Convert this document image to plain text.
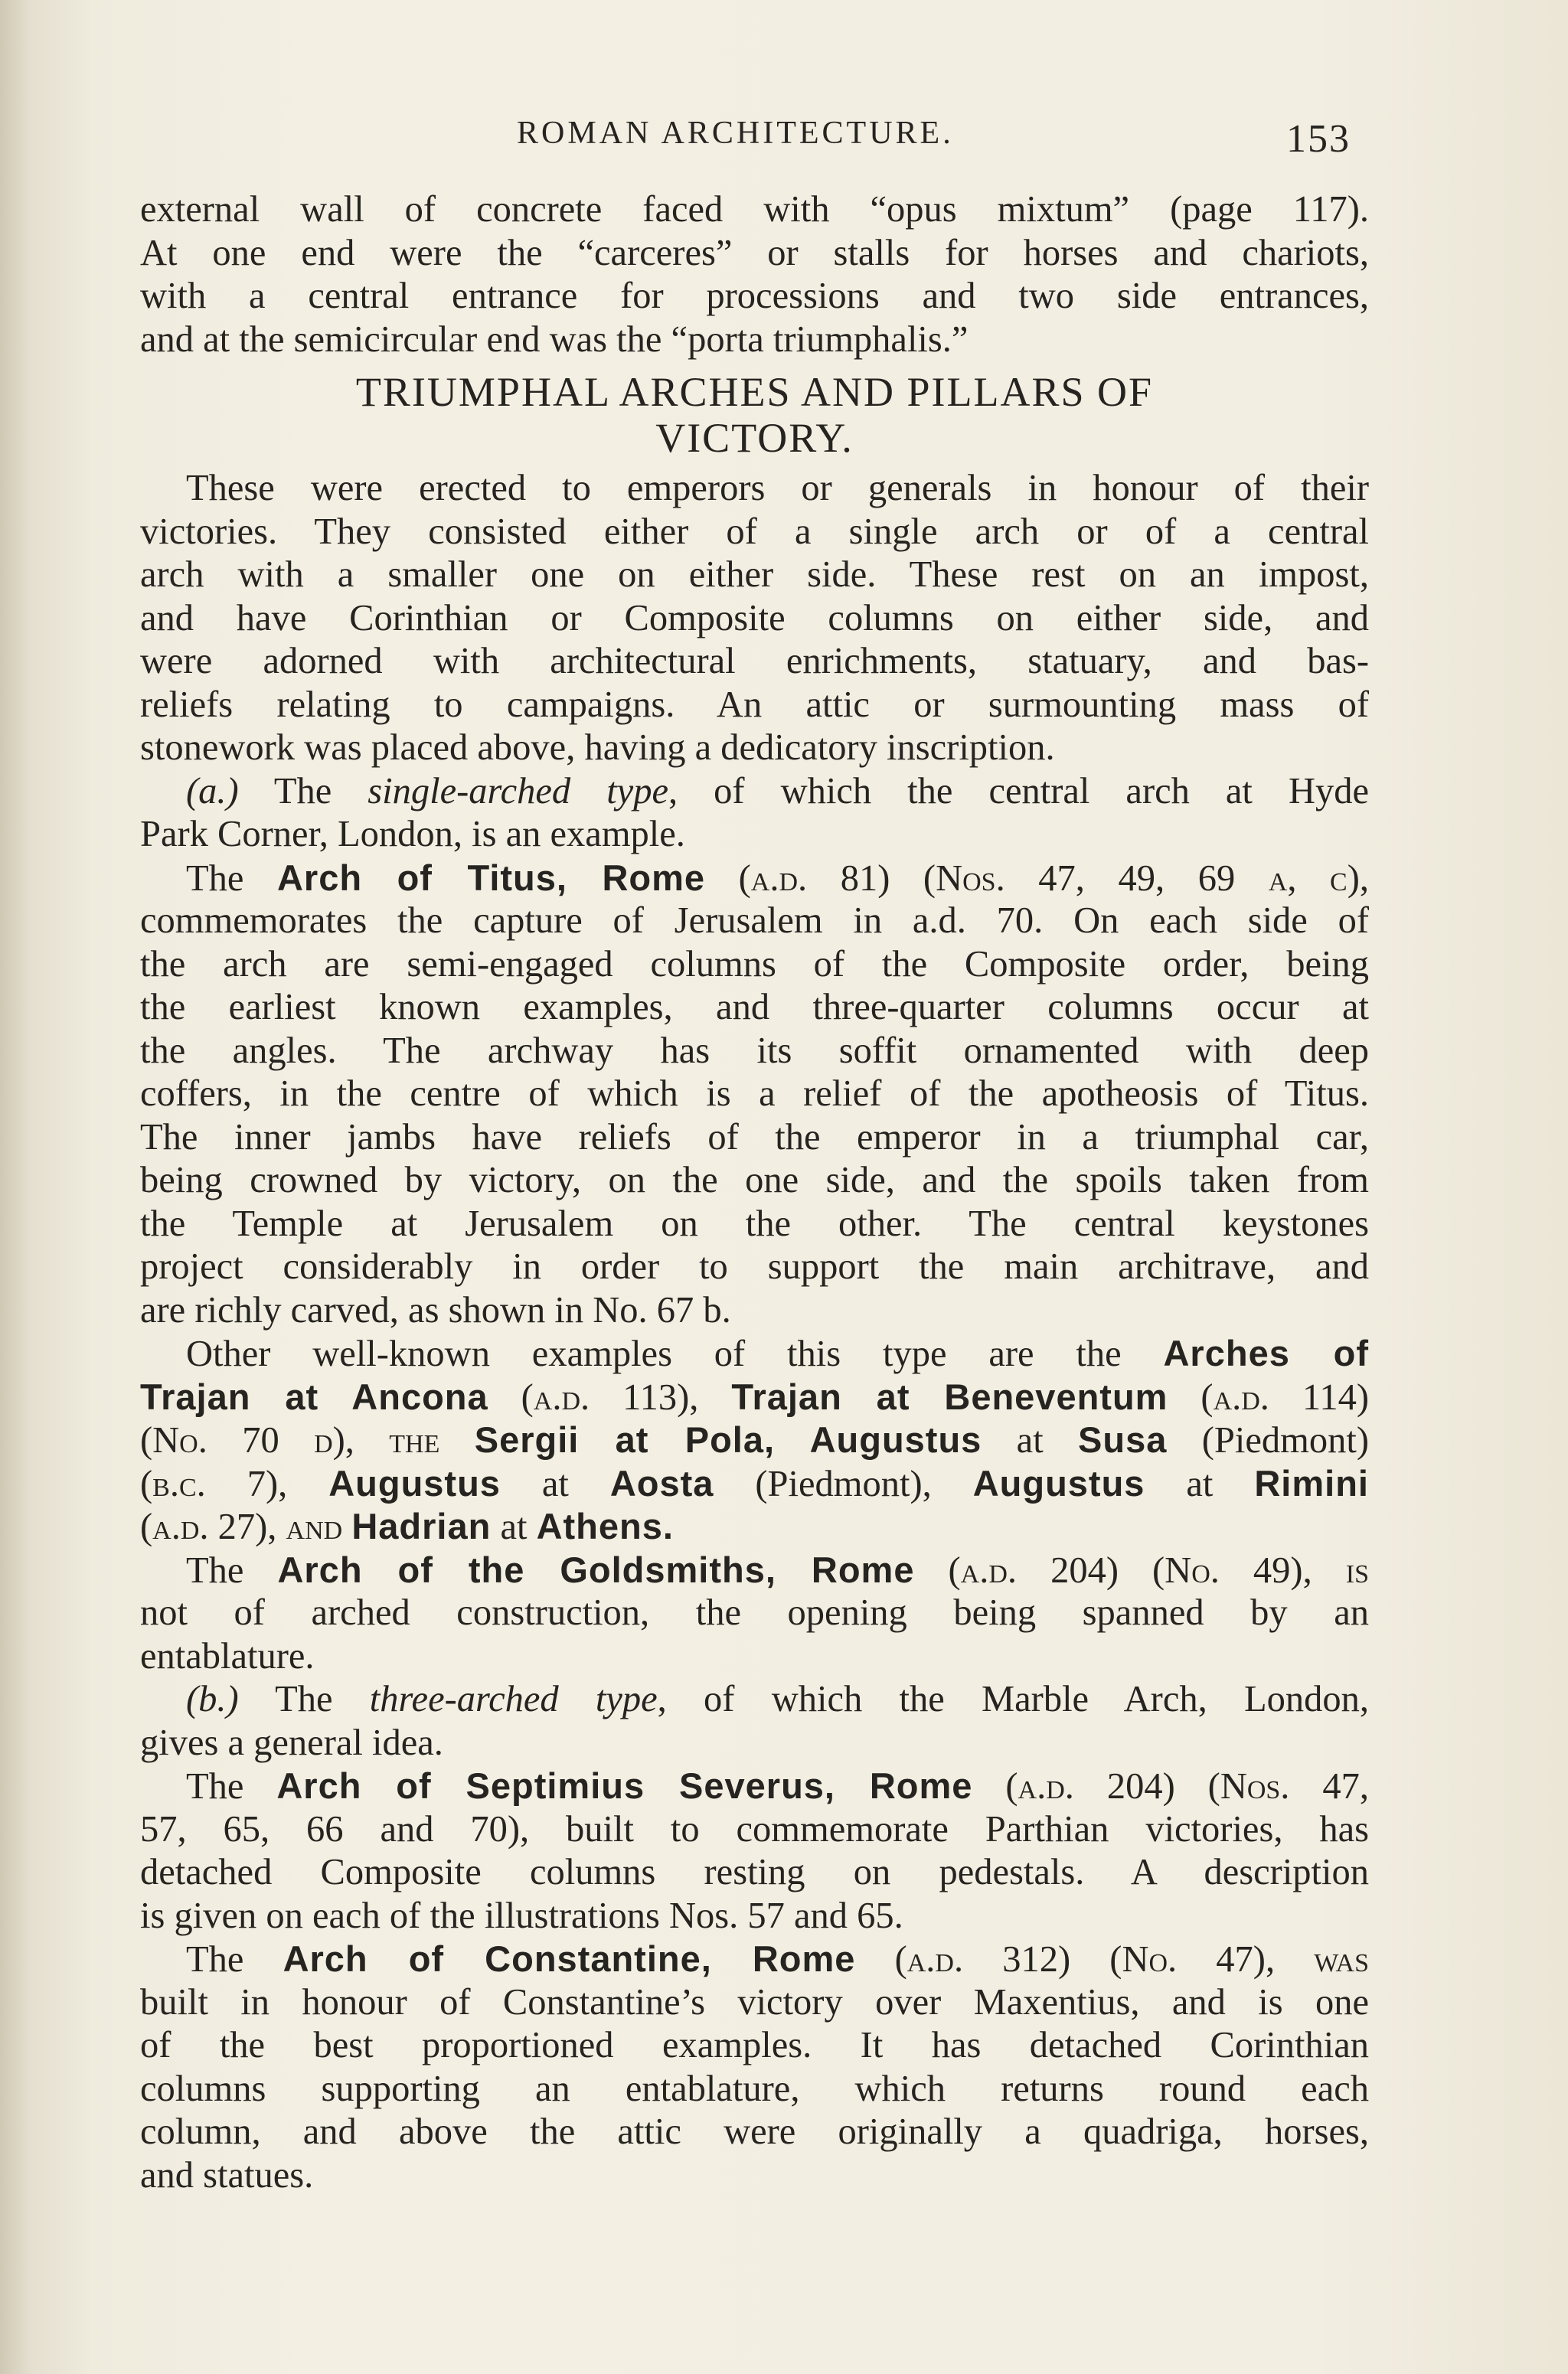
ROMAN ARCHITECTURE.	153
external wall of concrete faced with “opus mixtum” (page 117).
At one end were the “carceres” or stalls for horses and chariots,
with a central entrance for processions and two side entrances,
and at the semicircular end was the “porta triumphalis.”
TRIUMPHAL ARCHES AND PILLARS OF
VICTORY.
These were erected to emperors or generals in honour of their
victories. They consisted either of a single arch or of a central
arch with a smaller one on either side. These rest on an impost,
and have Corinthian or Composite columns on either side, and
were adorned with architectural enrichments, statuary, and bas-
reliefs relating to campaigns. An attic or surmounting mass of
stonework was placed above, having a dedicatory inscription.
(a.) The single-arched type, of which the central arch at Hyde
Park Corner, London, is an example.
The Arch of Titus, Rome (a.d. 81) (Nos. 47, 49, 69 a, c),
commemorates the capture of Jerusalem in a.d. 70. On each side of
the arch are semi-engaged columns of the Composite order, being
the earliest known examples, and three-quarter columns occur at
the angles. The archway has its soffit ornamented with deep
coffers, in the centre of which is a relief of the apotheosis of Titus.
The inner jambs have reliefs of the emperor in a triumphal car,
being crowned by victory, on the one side, and the spoils taken from
the Temple at Jerusalem on the other. The central keystones
project considerably in order to support the main architrave, and
are richly carved, as shown in No. 67 b.
Other well-known examples of this type are the Arches of
Trajan at Ancona (a.d. 113), Trajan at Beneventum (a.d. 114)
(No. 70 d), the Sergii at Pola, Augustus at Susa (Piedmont)
(b.c. 7), Augustus at Aosta (Piedmont), Augustus at Rimini
(a.d. 27), and Hadrian at Athens.
The Arch of the Goldsmiths, Rome (a.d. 204) (No. 49), is
not of arched construction, the opening being spanned by an
entablature.
(b.) The three-arched type, of which the Marble Arch, London,
gives a general idea.
The Arch of Septimius Severus, Rome (a.d. 204) (Nos. 47,
57, 65, 66 and 70), built to commemorate Parthian victories, has
detached Composite columns resting on pedestals. A description
is given on each of the illustrations Nos. 57 and 65.
The Arch of Constantine, Rome (a.d. 312) (No. 47), was
built in honour of Constantine’s victory over Maxentius, and is one
of the best proportioned examples. It has detached Corinthian
columns supporting an entablature, which returns round each
column, and above the attic were originally a quadriga, horses,
and statues.
